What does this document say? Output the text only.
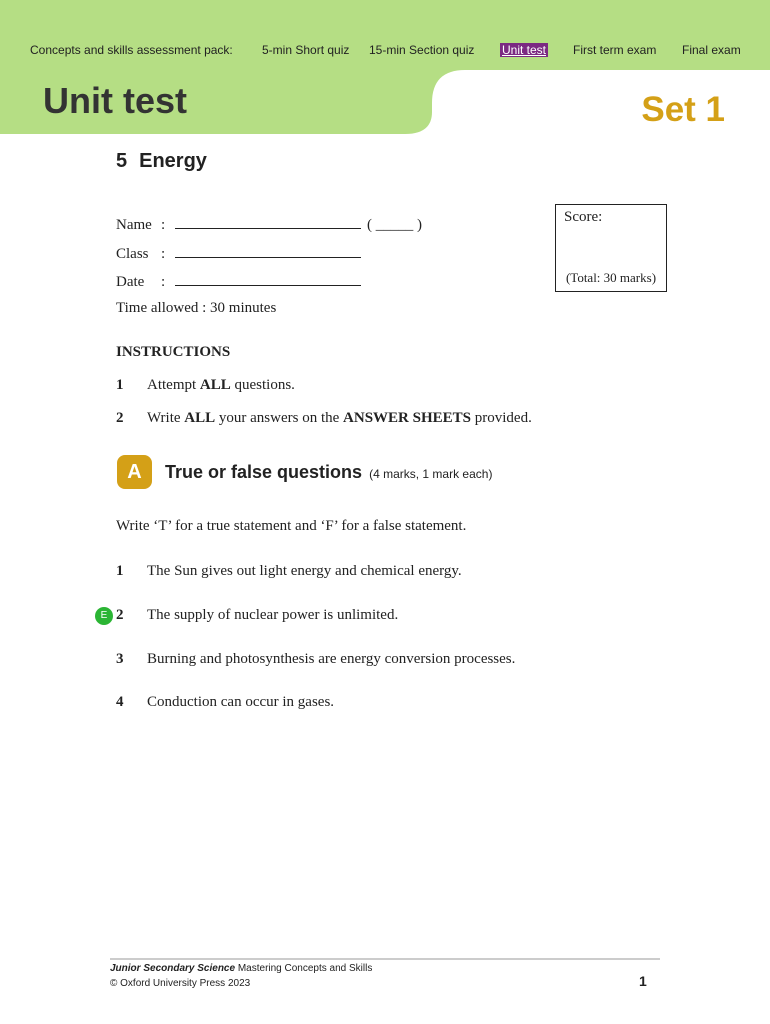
Concepts and skills assessment pack: 5-min Short quiz 15-min Section quiz Unit test First term exam Final exam
Unit test	Set 1
5 Energy
Name :	( _____ )
Class :
Date :
Score:
(Total: 30 marks)
Time allowed : 30 minutes
INSTRUCTIONS
1 Attempt ALL questions.
2 Write ALL your answers on the ANSWER SHEETS provided.
A	True or false questions (4 marks, 1 mark each)
Write ‘T’ for a true statement and ‘F’ for a false statement.
1 The Sun gives out light energy and chemical energy.
E 2 The supply of nuclear power is unlimited.
3 Burning and photosynthesis are energy conversion processes.
4 Conduction can occur in gases.
Junior Secondary Science Mastering Concepts and Skills
© Oxford University Press 2023	1
